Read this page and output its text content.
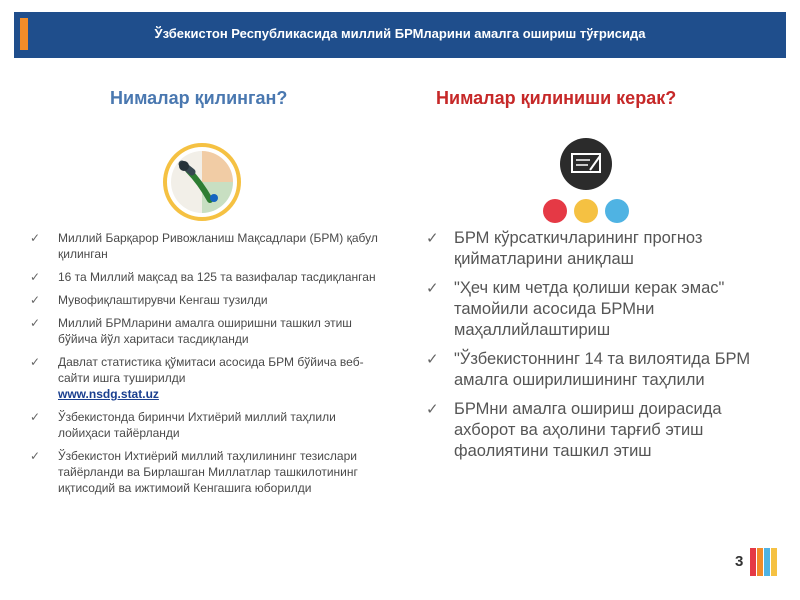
Ўзбекистон Республикасида миллий БРМларини амалга ошириш тўғрисида
Нималар қилинган?	Нималар қилиниши керак?
✓ Миллий Барқарор Ривожланиш Мақсадлари (БРМ) қабул қилинган
✓ 16 та Миллий мақсад ва 125 та вазифалар тасдиқланган
✓ Мувофиқлаштирувчи Кенгаш тузилди
✓ Миллий БРМларини амалга оширишни ташкил этиш бўйича йўл харитаси тасдиқланди
✓ Давлат статистика қўмитаси асосида БРМ бўйича веб-сайти ишга туширилди
www.nsdg.stat.uz
✓ Ўзбекистонда биринчи Ихтиёрий миллий таҳлили лойиҳаси тайёрланди
✓ Ўзбекистон Ихтиёрий миллий таҳлилининг тезислари тайёрланди ва Бирлашган Миллатлар ташкилотининг иқтисодий ва ижтимоий Кенгашига юборилди
✓ БРМ кўрсаткичларининг прогноз қийматларини аниқлаш
✓ "Ҳеч ким четда қолиши керак эмас" тамойили асосида БРМни маҳаллийлаштириш
✓ "Ўзбекистоннинг 14 та вилоятида БРМ амалга оширилишининг таҳлили
✓ БРМни амалга ошириш доирасида ахборот ва аҳолини тарғиб этиш фаолиятини ташкил этиш
3
